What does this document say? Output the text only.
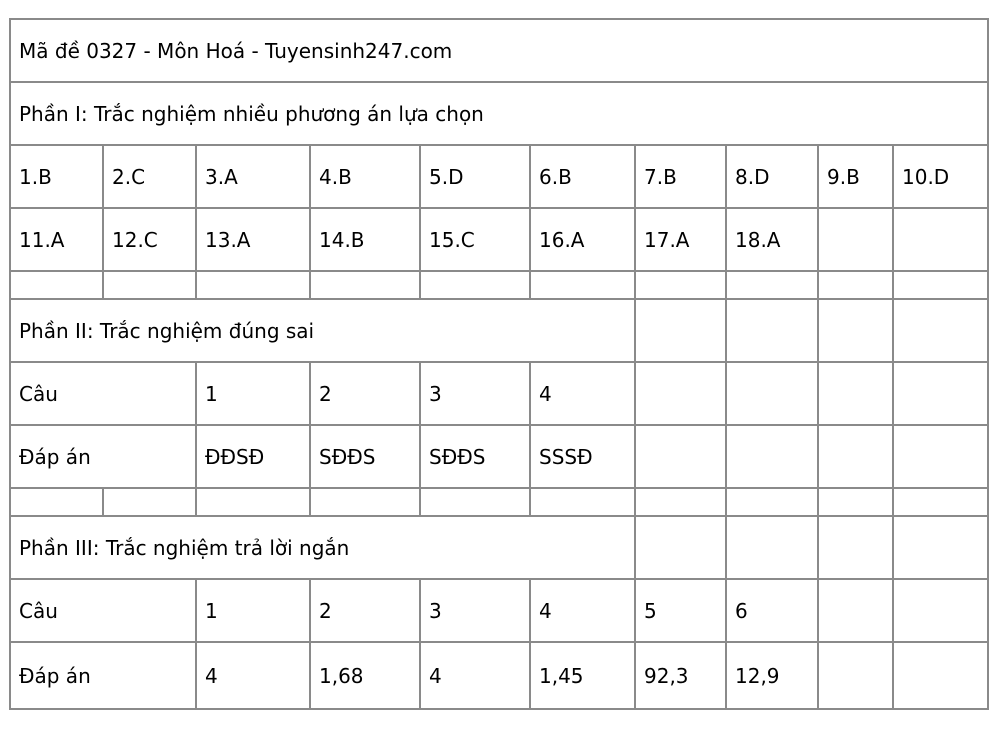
Mã đề 0327 - Môn Hoá - Tuyensinh247.com									
Phần I: Trắc nghiệm nhiều phương án lựa chọn									
1.B	2.C	3.A	4.B	5.D	6.B	7.B	8.D	9.B	10.D
11.A	12.C	13.A	14.B	15.C	16.A	17.A	18.A		

Phần II: Trắc nghiệm đúng sai									
Câu		1	2	3	4				
Đáp án		ĐĐSĐ	SĐĐS	SĐĐS	SSSĐ				

Phần III: Trắc nghiệm trả lời ngắn									
Câu		1	2	3	4	5	6		
Đáp án		4	1,68	4	1,45	92,3	12,9		
